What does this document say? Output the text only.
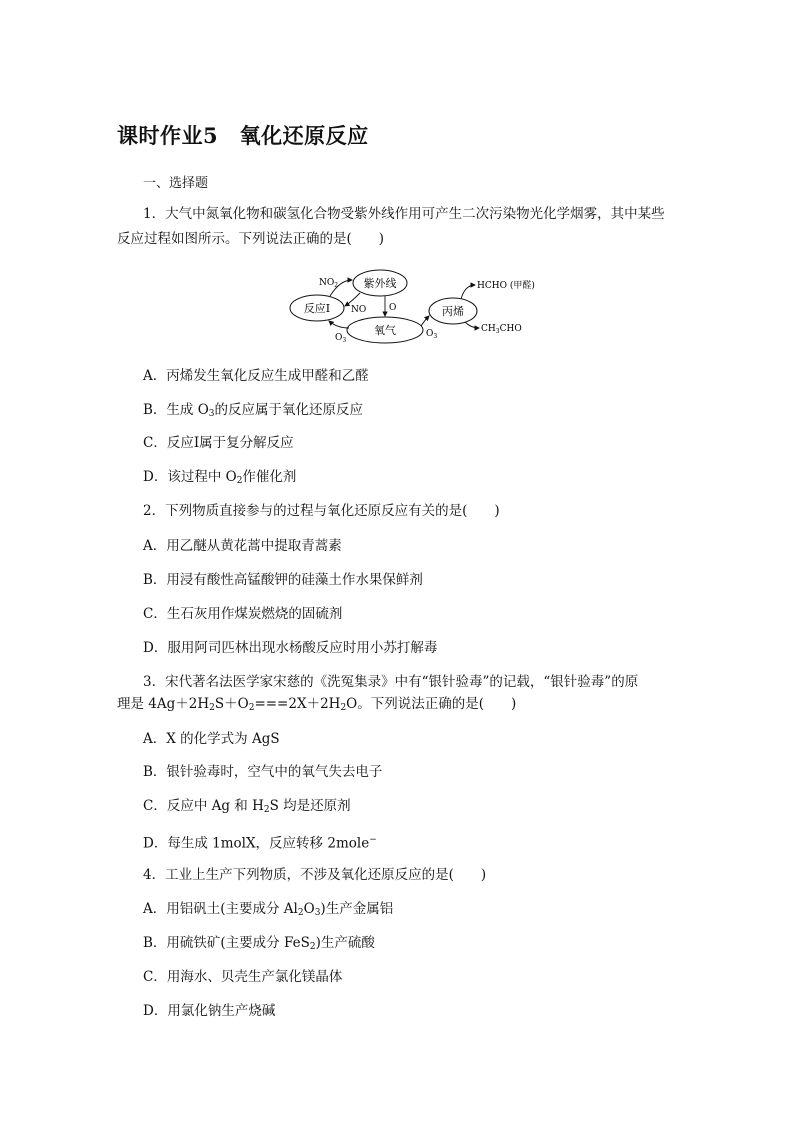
课时作业5　氧化还原反应
一、选择题
1．大气中氮氧化物和碳氢化合物受紫外线作用可产生二次污染物光化学烟雾，其中某些
反应过程如图所示。下列说法正确的是(　　)
紫外线
反应Ⅰ
氧气
丙烯
$NO_2$
NO	O
$O_3$
$O_3$
HCHO (甲醛)
$CH_3CHO$
A．丙烯发生氧化反应生成甲醛和乙醛
B．生成 $O_3$的反应属于氧化还原反应
C．反应Ⅰ属于复分解反应
D．该过程中 $O_2$作催化剂
2．下列物质直接参与的过程与氧化还原反应有关的是(　　)
A．用乙醚从黄花蒿中提取青蒿素
B．用浸有酸性高锰酸钾的硅藻土作水果保鲜剂
C．生石灰用作煤炭燃烧的固硫剂
D．服用阿司匹林出现水杨酸反应时用小苏打解毒
3．宋代著名法医学家宋慈的《洗冤集录》中有“银针验毒”的记载，“银针验毒”的原
理是 $4Ag+2H_2S+O_2===2X+2H_2O$。下列说法正确的是(　　)
A．X 的化学式为 AgS
B．银针验毒时，空气中的氧气失去电子
C．反应中 Ag 和 $H_2S$ 均是还原剂
D．每生成 1molX，反应转移 2mole−
4．工业上生产下列物质，不涉及氧化还原反应的是(　　)
A．用铝矾土(主要成分 $Al_2O_3$)生产金属铝
B．用硫铁矿(主要成分 FeS$_2$)生产硫酸
C．用海水、贝壳生产氯化镁晶体
D．用氯化钠生产烧碱
